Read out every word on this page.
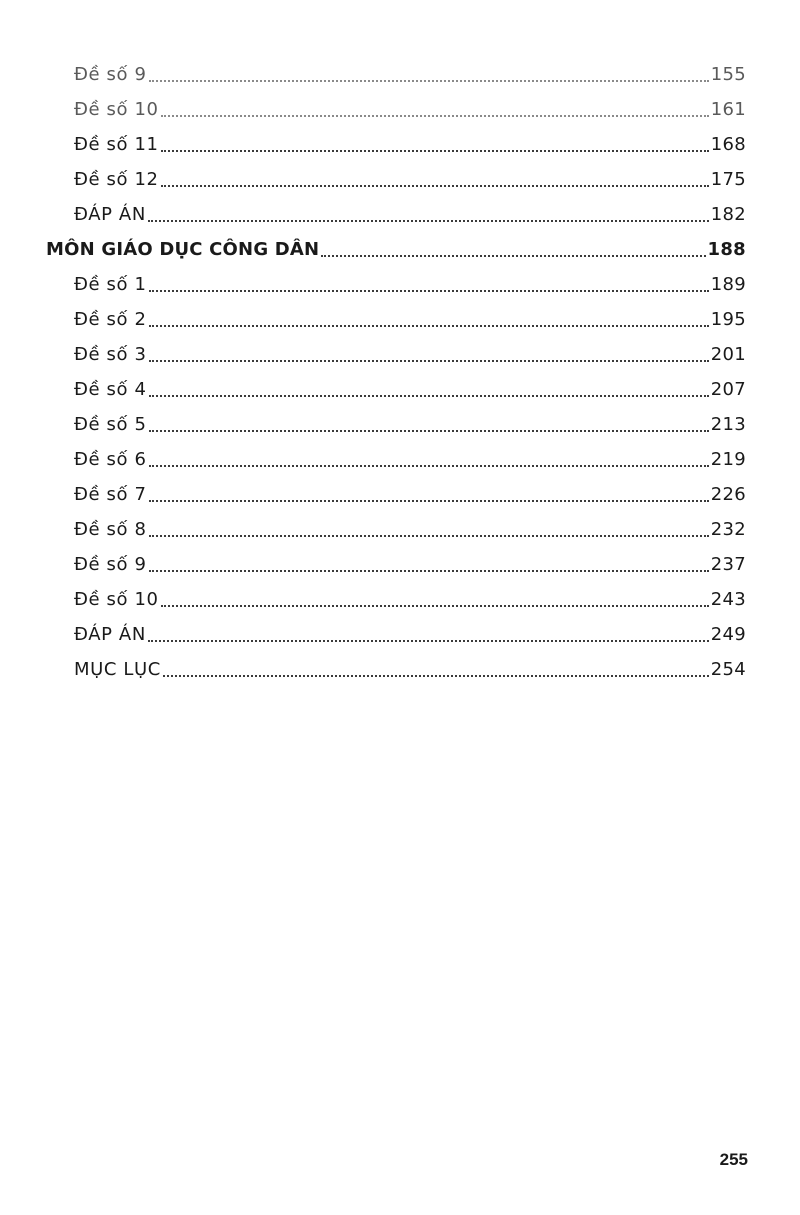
Đề số 9	155
Đề số 10	161
Đề số 11	168
Đề số 12	175
ĐÁP ÁN	182
MÔN GIÁO DỤC CÔNG DÂN	188
Đề số 1	189
Đề số 2	195
Đề số 3	201
Đề số 4	207
Đề số 5	213
Đề số 6	219
Đề số 7	226
Đề số 8	232
Đề số 9	237
Đề số 10	243
ĐÁP ÁN	249
MỤC LỤC	254
255
